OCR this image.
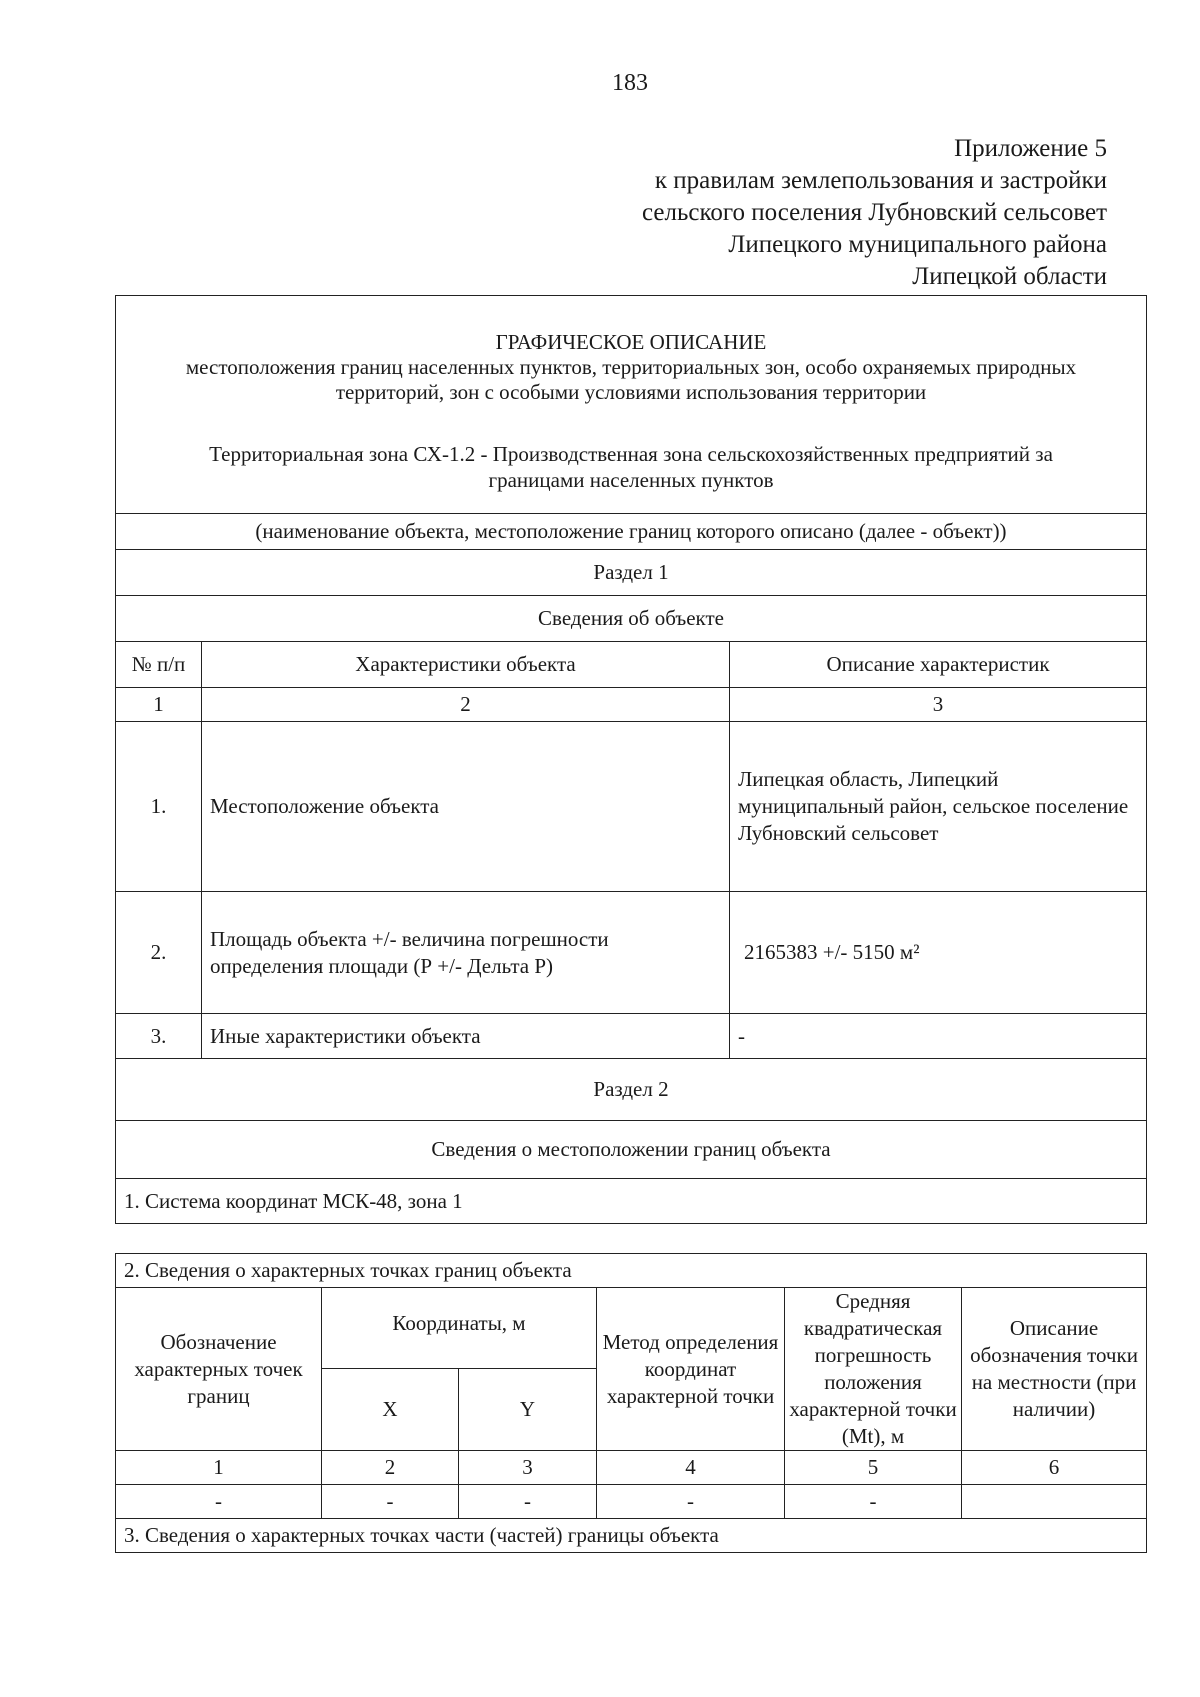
183
Приложение 5
к правилам землепользования и застройки
сельского поселения Лубновский сельсовет
Липецкого муниципального района
Липецкой области
ГРАФИЧЕСКОЕ ОПИСАНИЕ
местоположения границ населенных пунктов, территориальных зон, особо охраняемых природных
территорий, зон с особыми условиями использования территории
Территориальная зона СХ-1.2 - Производственная зона сельскохозяйственных предприятий за
границами населенных пунктов		

(наименование объекта, местоположение границ которого описано (далее - объект))		
Раздел 1		
Сведения об объекте		
№ п/п	Характеристики объекта	Описание характеристик
1	2	3
1.	Местоположение объекта	Липецкая область, Липецкий муниципальный район, сельское поселение Лубновский сельсовет
2.	Площадь объекта +/- величина погрешности определения площади (Р +/- Дельта Р)	2165383 +/- 5150 м²
3.	Иные характеристики объекта	-
Раздел 2		
Сведения о местоположении границ объекта		
1. Система координат МСК-48, зона 1		
2. Сведения о характерных точках границ объекта					
Обозначение характерных точек границ	Координаты, м		Метод определения координат характерной точки	Средняя квадратическая погрешность положения характерной точки (Mt), м	Описание обозначения точки на местности (при наличии)
	X	Y			
1	2	3	4	5	6
-	-	-	-	-	
3. Сведения о характерных точках части (частей) границы объекта					
